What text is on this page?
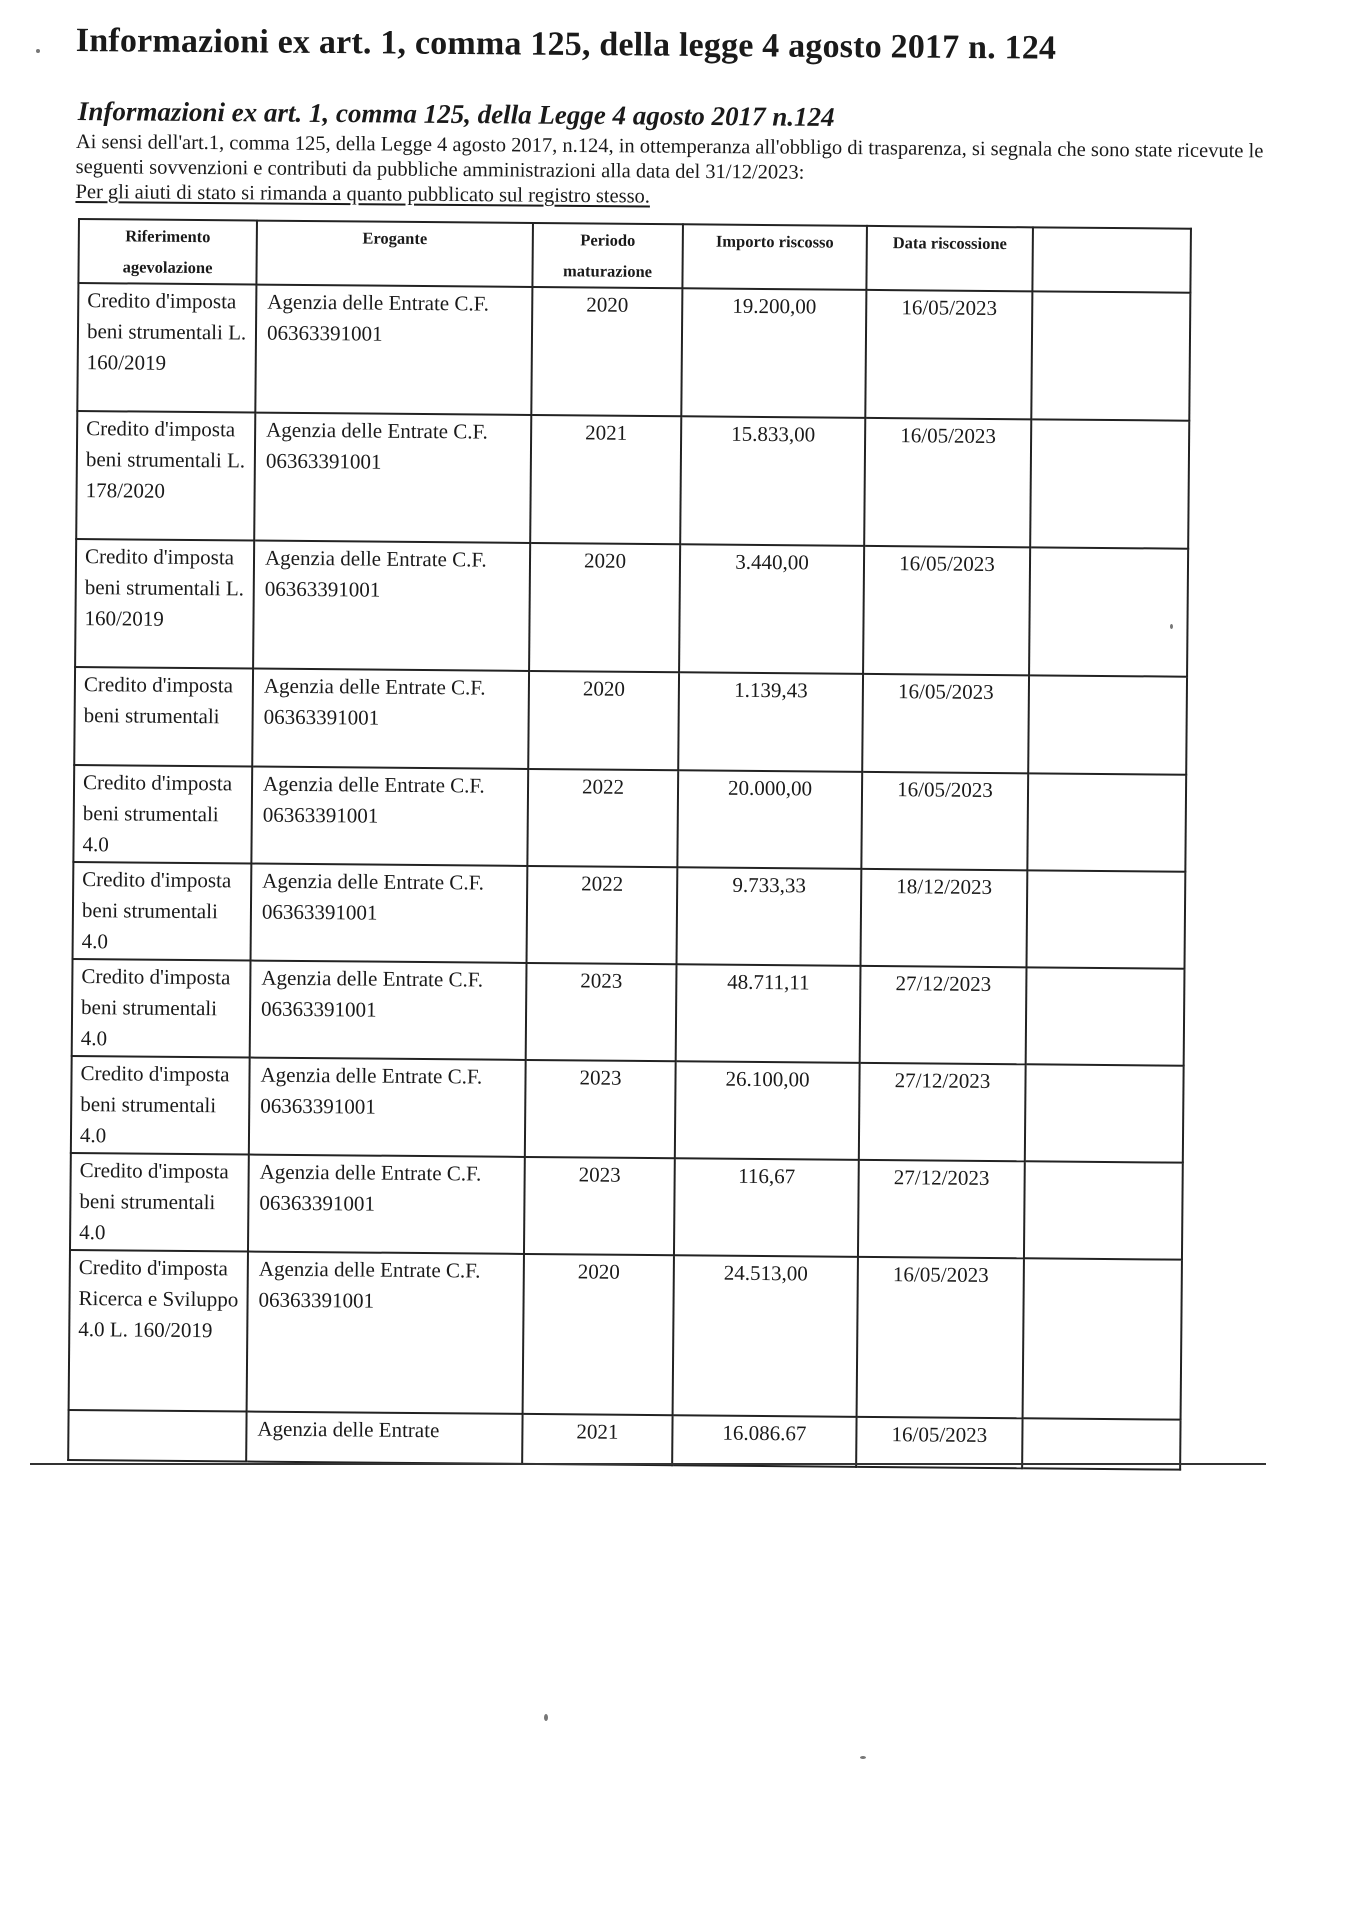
Informazioni ex art. 1, comma 125, della legge 4 agosto 2017 n. 124
Informazioni ex art. 1, comma 125, della Legge 4 agosto 2017 n.124

Ai sensi dell'art.1, comma 125, della Legge 4 agosto 2017, n.124, in ottemperanza all'obbligo di trasparenza, si segnala che sono state ricevute le seguenti sovvenzioni e contributi da pubbliche amministrazioni alla data del 31/12/2023:

Per gli aiuti di stato si rimanda a quanto pubblicato sul registro stesso.

Riferimento agevolazione	Erogante	Periodo maturazione	Importo riscosso	Data riscossione	
Credito d'imposta beni strumentali L. 160/2019	Agenzia delle Entrate C.F. 06363391001	2020	19.200,00	16/05/2023	
Credito d'imposta beni strumentali L. 178/2020	Agenzia delle Entrate C.F. 06363391001	2021	15.833,00	16/05/2023	
Credito d'imposta beni strumentali L. 160/2019	Agenzia delle Entrate C.F. 06363391001	2020	3.440,00	16/05/2023	
Credito d'imposta beni strumentali	Agenzia delle Entrate C.F. 06363391001	2020	1.139,43	16/05/2023	
Credito d'imposta beni strumentali 4.0	Agenzia delle Entrate C.F. 06363391001	2022	20.000,00	16/05/2023	
Credito d'imposta beni strumentali 4.0	Agenzia delle Entrate C.F. 06363391001	2022	9.733,33	18/12/2023	
Credito d'imposta beni strumentali 4.0	Agenzia delle Entrate C.F. 06363391001	2023	48.711,11	27/12/2023	
Credito d'imposta beni strumentali 4.0	Agenzia delle Entrate C.F. 06363391001	2023	26.100,00	27/12/2023	
Credito d'imposta beni strumentali 4.0	Agenzia delle Entrate C.F. 06363391001	2023	116,67	27/12/2023	
Credito d'imposta Ricerca e Sviluppo 4.0 L. 160/2019	Agenzia delle Entrate C.F. 06363391001	2020	24.513,00	16/05/2023	
	Agenzia delle Entrate	2021	16.086.67	16/05/2023	
